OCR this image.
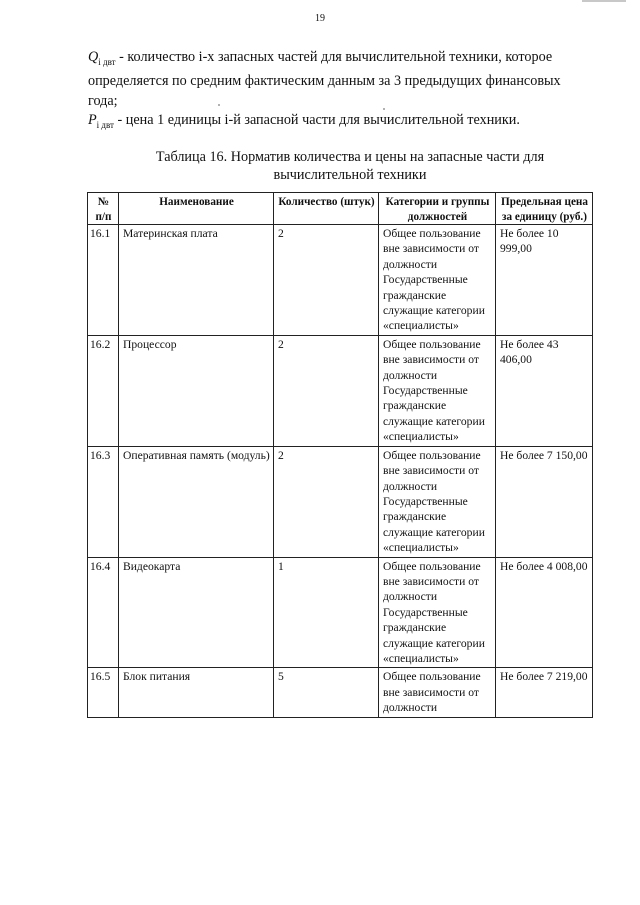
19

$Q_{i двт}$ - количество i-х запасных частей для вычислительной техники, которое определяется по средним фактическим данным за 3 предыдущих финансовых года;

$P_{i двт}$ - цена 1 единицы i-й запасной части для вычислительной техники.

Таблица 16. Норматив количества и цены на запасные части для
вычислительной техники
№ п/п	Наименование	Количество (штук)	Категории и группы должностей	Предельная цена за единицу (руб.)
16.1	Материнская плата	2	Общее пользование вне зависимости от должности Государственные гражданские служащие категории «специалисты»	Не более 10 999,00
16.2	Процессор	2	Общее пользование вне зависимости от должности Государственные гражданские служащие категории «специалисты»	Не более 43 406,00
16.3	Оперативная память (модуль)	2	Общее пользование вне зависимости от должности Государственные гражданские служащие категории «специалисты»	Не более 7 150,00
16.4	Видеокарта	1	Общее пользование вне зависимости от должности Государственные гражданские служащие категории «специалисты»	Не более 4 008,00
16.5	Блок питания	5	Общее пользование вне зависимости от должности	Не более 7 219,00
